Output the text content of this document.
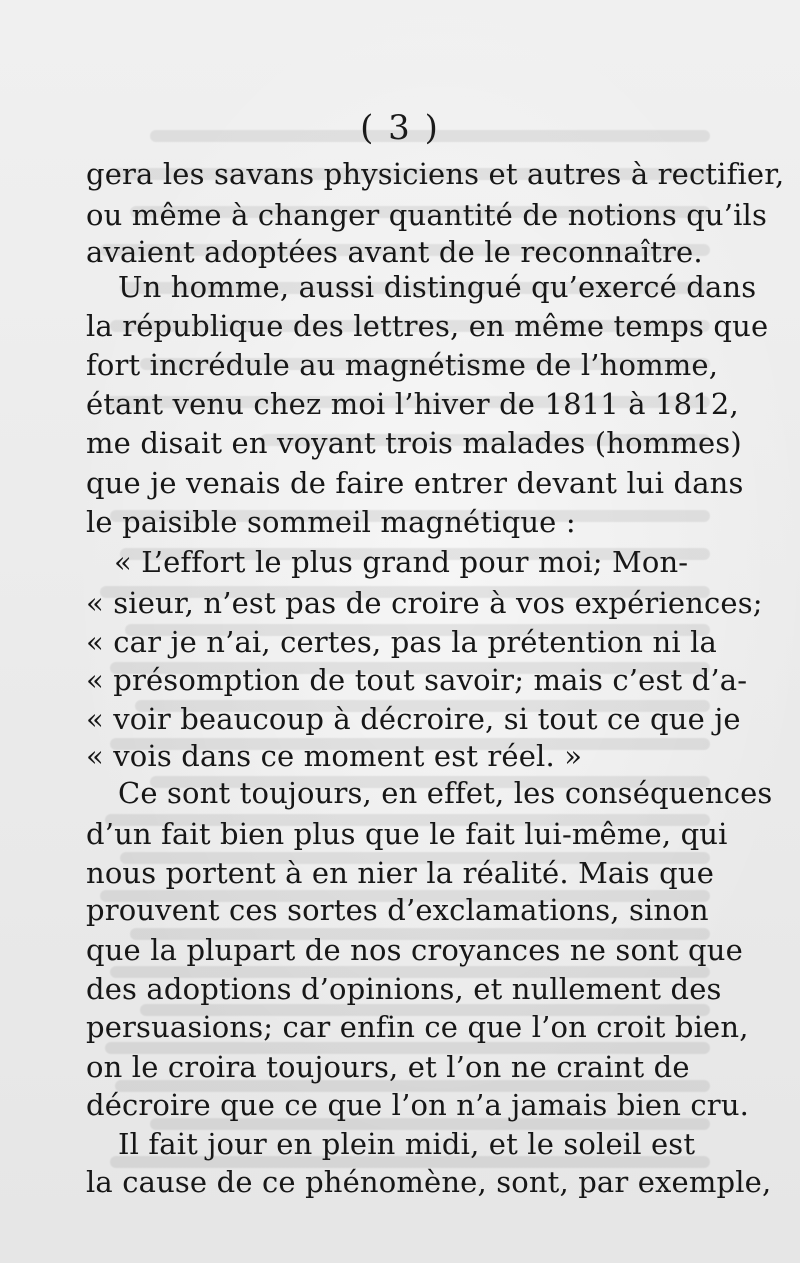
( 3 )
gera les savans physiciens et autres à rectifier,
ou même à changer quantité de notions qu’ils
avaient adoptées avant de le reconnaître.
Un homme, aussi distingué qu’exercé dans
la république des lettres, en même temps que
fort incrédule au magnétisme de l’homme,
étant venu chez moi l’hiver de 1811 à 1812,
me disait en voyant trois malades (hommes)
que je venais de faire entrer devant lui dans
le paisible sommeil magnétique :
« L’effort le plus grand pour moi; Mon-
« sieur, n’est pas de croire à vos expériences;
« car je n’ai, certes, pas la prétention ni la
« présomption de tout savoir; mais c’est d’a-
« voir beaucoup à décroire, si tout ce que je
« vois dans ce moment est réel. »
Ce sont toujours, en effet, les conséquences
d’un fait bien plus que le fait lui-même, qui
nous portent à en nier la réalité. Mais que
prouvent ces sortes d’exclamations, sinon
que la plupart de nos croyances ne sont que
des adoptions d’opinions, et nullement des
persuasions; car enfin ce que l’on croit bien,
on le croira toujours, et l’on ne craint de
décroire que ce que l’on n’a jamais bien cru.
Il fait jour en plein midi, et le soleil est
la cause de ce phénomène, sont, par exemple,
